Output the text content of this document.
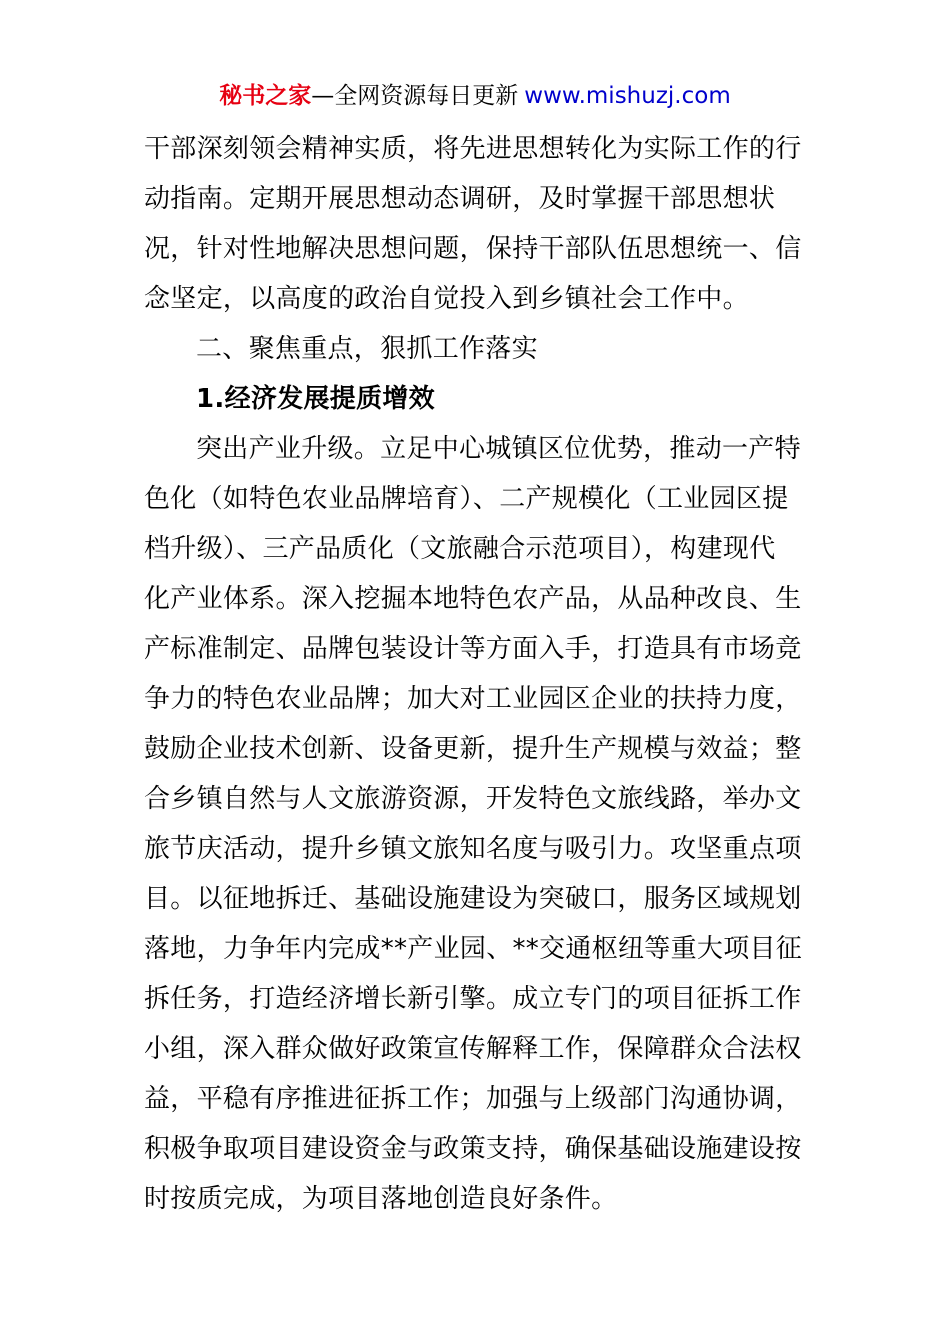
秘书之家—全网资源每日更新 www.mishuzj.com
干部深刻领会精神实质，将先进思想转化为实际工作的行
动指南。定期开展思想动态调研，及时掌握干部思想状
况，针对性地解决思想问题，保持干部队伍思想统一、信
念坚定，以高度的政治自觉投入到乡镇社会工作中。
二、聚焦重点，狠抓工作落实
1.经济发展提质增效
突出产业升级。立足中心城镇区位优势，推动一产特
色化（如特色农业品牌培育）、二产规模化（工业园区提
档升级）、三产品质化（文旅融合示范项目），构建现代
化产业体系。深入挖掘本地特色农产品，从品种改良、生
产标准制定、品牌包装设计等方面入手，打造具有市场竞
争力的特色农业品牌；加大对工业园区企业的扶持力度，
鼓励企业技术创新、设备更新，提升生产规模与效益；整
合乡镇自然与人文旅游资源，开发特色文旅线路，举办文
旅节庆活动，提升乡镇文旅知名度与吸引力。攻坚重点项
目。以征地拆迁、基础设施建设为突破口，服务区域规划
落地，力争年内完成**产业园、**交通枢纽等重大项目征
拆任务，打造经济增长新引擎。成立专门的项目征拆工作
小组，深入群众做好政策宣传解释工作，保障群众合法权
益，平稳有序推进征拆工作；加强与上级部门沟通协调，
积极争取项目建设资金与政策支持，确保基础设施建设按
时按质完成，为项目落地创造良好条件。
